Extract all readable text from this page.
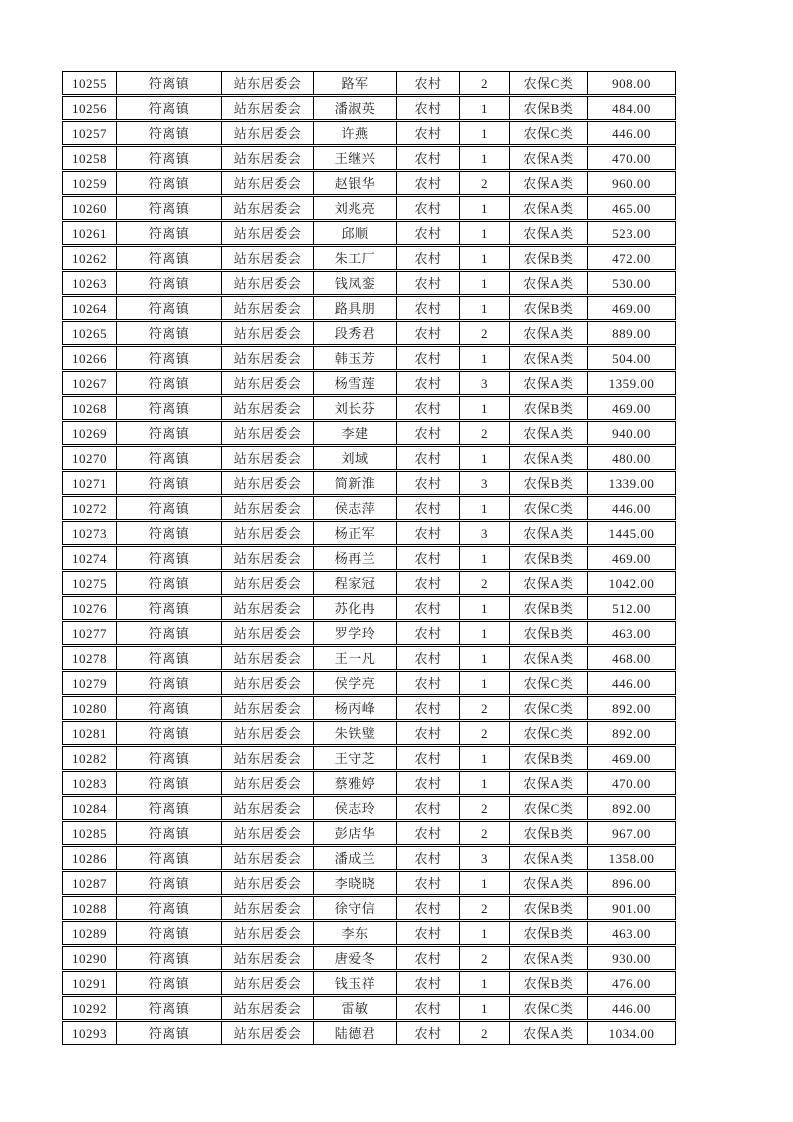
10255	符离镇	站东居委会	路军	农村	2	农保C类	908.00
10256	符离镇	站东居委会	潘淑英	农村	1	农保B类	484.00
10257	符离镇	站东居委会	许燕	农村	1	农保C类	446.00
10258	符离镇	站东居委会	王继兴	农村	1	农保A类	470.00
10259	符离镇	站东居委会	赵银华	农村	2	农保A类	960.00
10260	符离镇	站东居委会	刘兆亮	农村	1	农保A类	465.00
10261	符离镇	站东居委会	邱顺	农村	1	农保A类	523.00
10262	符离镇	站东居委会	朱工厂	农村	1	农保B类	472.00
10263	符离镇	站东居委会	钱凤銮	农村	1	农保A类	530.00
10264	符离镇	站东居委会	路具朋	农村	1	农保B类	469.00
10265	符离镇	站东居委会	段秀君	农村	2	农保A类	889.00
10266	符离镇	站东居委会	韩玉芳	农村	1	农保A类	504.00
10267	符离镇	站东居委会	杨雪莲	农村	3	农保A类	1359.00
10268	符离镇	站东居委会	刘长芬	农村	1	农保B类	469.00
10269	符离镇	站东居委会	李建	农村	2	农保A类	940.00
10270	符离镇	站东居委会	刘域	农村	1	农保A类	480.00
10271	符离镇	站东居委会	简新淮	农村	3	农保B类	1339.00
10272	符离镇	站东居委会	侯志萍	农村	1	农保C类	446.00
10273	符离镇	站东居委会	杨正军	农村	3	农保A类	1445.00
10274	符离镇	站东居委会	杨再兰	农村	1	农保B类	469.00
10275	符离镇	站东居委会	程家冠	农村	2	农保A类	1042.00
10276	符离镇	站东居委会	苏化冉	农村	1	农保B类	512.00
10277	符离镇	站东居委会	罗学玲	农村	1	农保B类	463.00
10278	符离镇	站东居委会	王一凡	农村	1	农保A类	468.00
10279	符离镇	站东居委会	侯学亮	农村	1	农保C类	446.00
10280	符离镇	站东居委会	杨丙峰	农村	2	农保C类	892.00
10281	符离镇	站东居委会	朱铁璧	农村	2	农保C类	892.00
10282	符离镇	站东居委会	王守芝	农村	1	农保B类	469.00
10283	符离镇	站东居委会	蔡雅婷	农村	1	农保A类	470.00
10284	符离镇	站东居委会	侯志玲	农村	2	农保C类	892.00
10285	符离镇	站东居委会	彭店华	农村	2	农保B类	967.00
10286	符离镇	站东居委会	潘成兰	农村	3	农保A类	1358.00
10287	符离镇	站东居委会	李晓晓	农村	1	农保A类	896.00
10288	符离镇	站东居委会	徐守信	农村	2	农保B类	901.00
10289	符离镇	站东居委会	李东	农村	1	农保B类	463.00
10290	符离镇	站东居委会	唐爱冬	农村	2	农保A类	930.00
10291	符离镇	站东居委会	钱玉祥	农村	1	农保B类	476.00
10292	符离镇	站东居委会	雷敏	农村	1	农保C类	446.00
10293	符离镇	站东居委会	陆德君	农村	2	农保A类	1034.00
